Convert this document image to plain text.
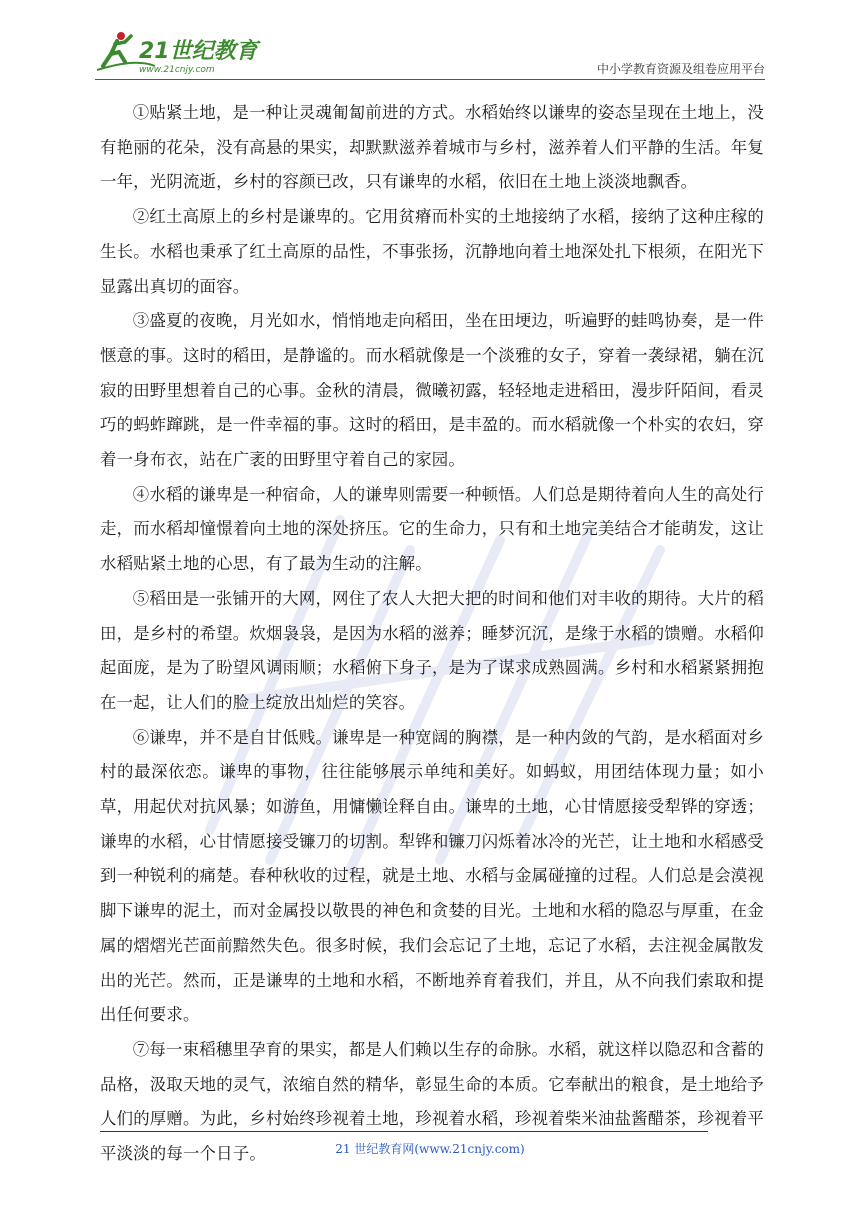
21世纪教育
www.21cnjy.com	中小学教育资源及组卷应用平台

①贴紧土地，是一种让灵魂匍匐前进的方式。水稻始终以谦卑的姿态呈现在土地上，没有艳丽的花朵，没有高悬的果实，却默默滋养着城市与乡村，滋养着人们平静的生活。年复一年，光阴流逝，乡村的容颜已改，只有谦卑的水稻，依旧在土地上淡淡地飘香。

②红土高原上的乡村是谦卑的。它用贫瘠而朴实的土地接纳了水稻，接纳了这种庄稼的生长。水稻也秉承了红土高原的品性，不事张扬，沉静地向着土地深处扎下根须，在阳光下显露出真切的面容。

③盛夏的夜晚，月光如水，悄悄地走向稻田，坐在田埂边，听遍野的蛙鸣协奏，是一件惬意的事。这时的稻田，是静谧的。而水稻就像是一个淡雅的女子，穿着一袭绿裙，躺在沉寂的田野里想着自己的心事。金秋的清晨，微曦初露，轻轻地走进稻田，漫步阡陌间，看灵巧的蚂蚱蹿跳，是一件幸福的事。这时的稻田，是丰盈的。而水稻就像一个朴实的农妇，穿着一身布衣，站在广袤的田野里守着自己的家园。

④水稻的谦卑是一种宿命，人的谦卑则需要一种顿悟。人们总是期待着向人生的高处行走，而水稻却憧憬着向土地的深处挤压。它的生命力，只有和土地完美结合才能萌发，这让水稻贴紧土地的心思，有了最为生动的注解。

⑤稻田是一张铺开的大网，网住了农人大把大把的时间和他们对丰收的期待。大片的稻田，是乡村的希望。炊烟袅袅，是因为水稻的滋养；睡梦沉沉，是缘于水稻的馈赠。水稻仰起面庞，是为了盼望风调雨顺；水稻俯下身子，是为了谋求成熟圆满。乡村和水稻紧紧拥抱在一起，让人们的脸上绽放出灿烂的笑容。

⑥谦卑，并不是自甘低贱。谦卑是一种宽阔的胸襟，是一种内敛的气韵，是水稻面对乡村的最深依恋。谦卑的事物，往往能够展示单纯和美好。如蚂蚁，用团结体现力量；如小草，用起伏对抗风暴；如游鱼，用慵懒诠释自由。谦卑的土地，心甘情愿接受犁铧的穿透；谦卑的水稻，心甘情愿接受镰刀的切割。犁铧和镰刀闪烁着冰冷的光芒，让土地和水稻感受到一种锐利的痛楚。春种秋收的过程，就是土地、水稻与金属碰撞的过程。人们总是会漠视脚下谦卑的泥土，而对金属投以敬畏的神色和贪婪的目光。土地和水稻的隐忍与厚重，在金属的熠熠光芒面前黯然失色。很多时候，我们会忘记了土地，忘记了水稻，去注视金属散发出的光芒。然而，正是谦卑的土地和水稻，不断地养育着我们，并且，从不向我们索取和提出任何要求。

⑦每一束稻穗里孕育的果实，都是人们赖以生存的命脉。水稻，就这样以隐忍和含蓄的品格，汲取天地的灵气，浓缩自然的精华，彰显生命的本质。它奉献出的粮食，是土地给予人们的厚赠。为此，乡村始终珍视着土地，珍视着水稻，珍视着柴米油盐酱醋茶，珍视着平平淡淡的每一个日子。	21 世纪教育网(www.21cnjy.com)
